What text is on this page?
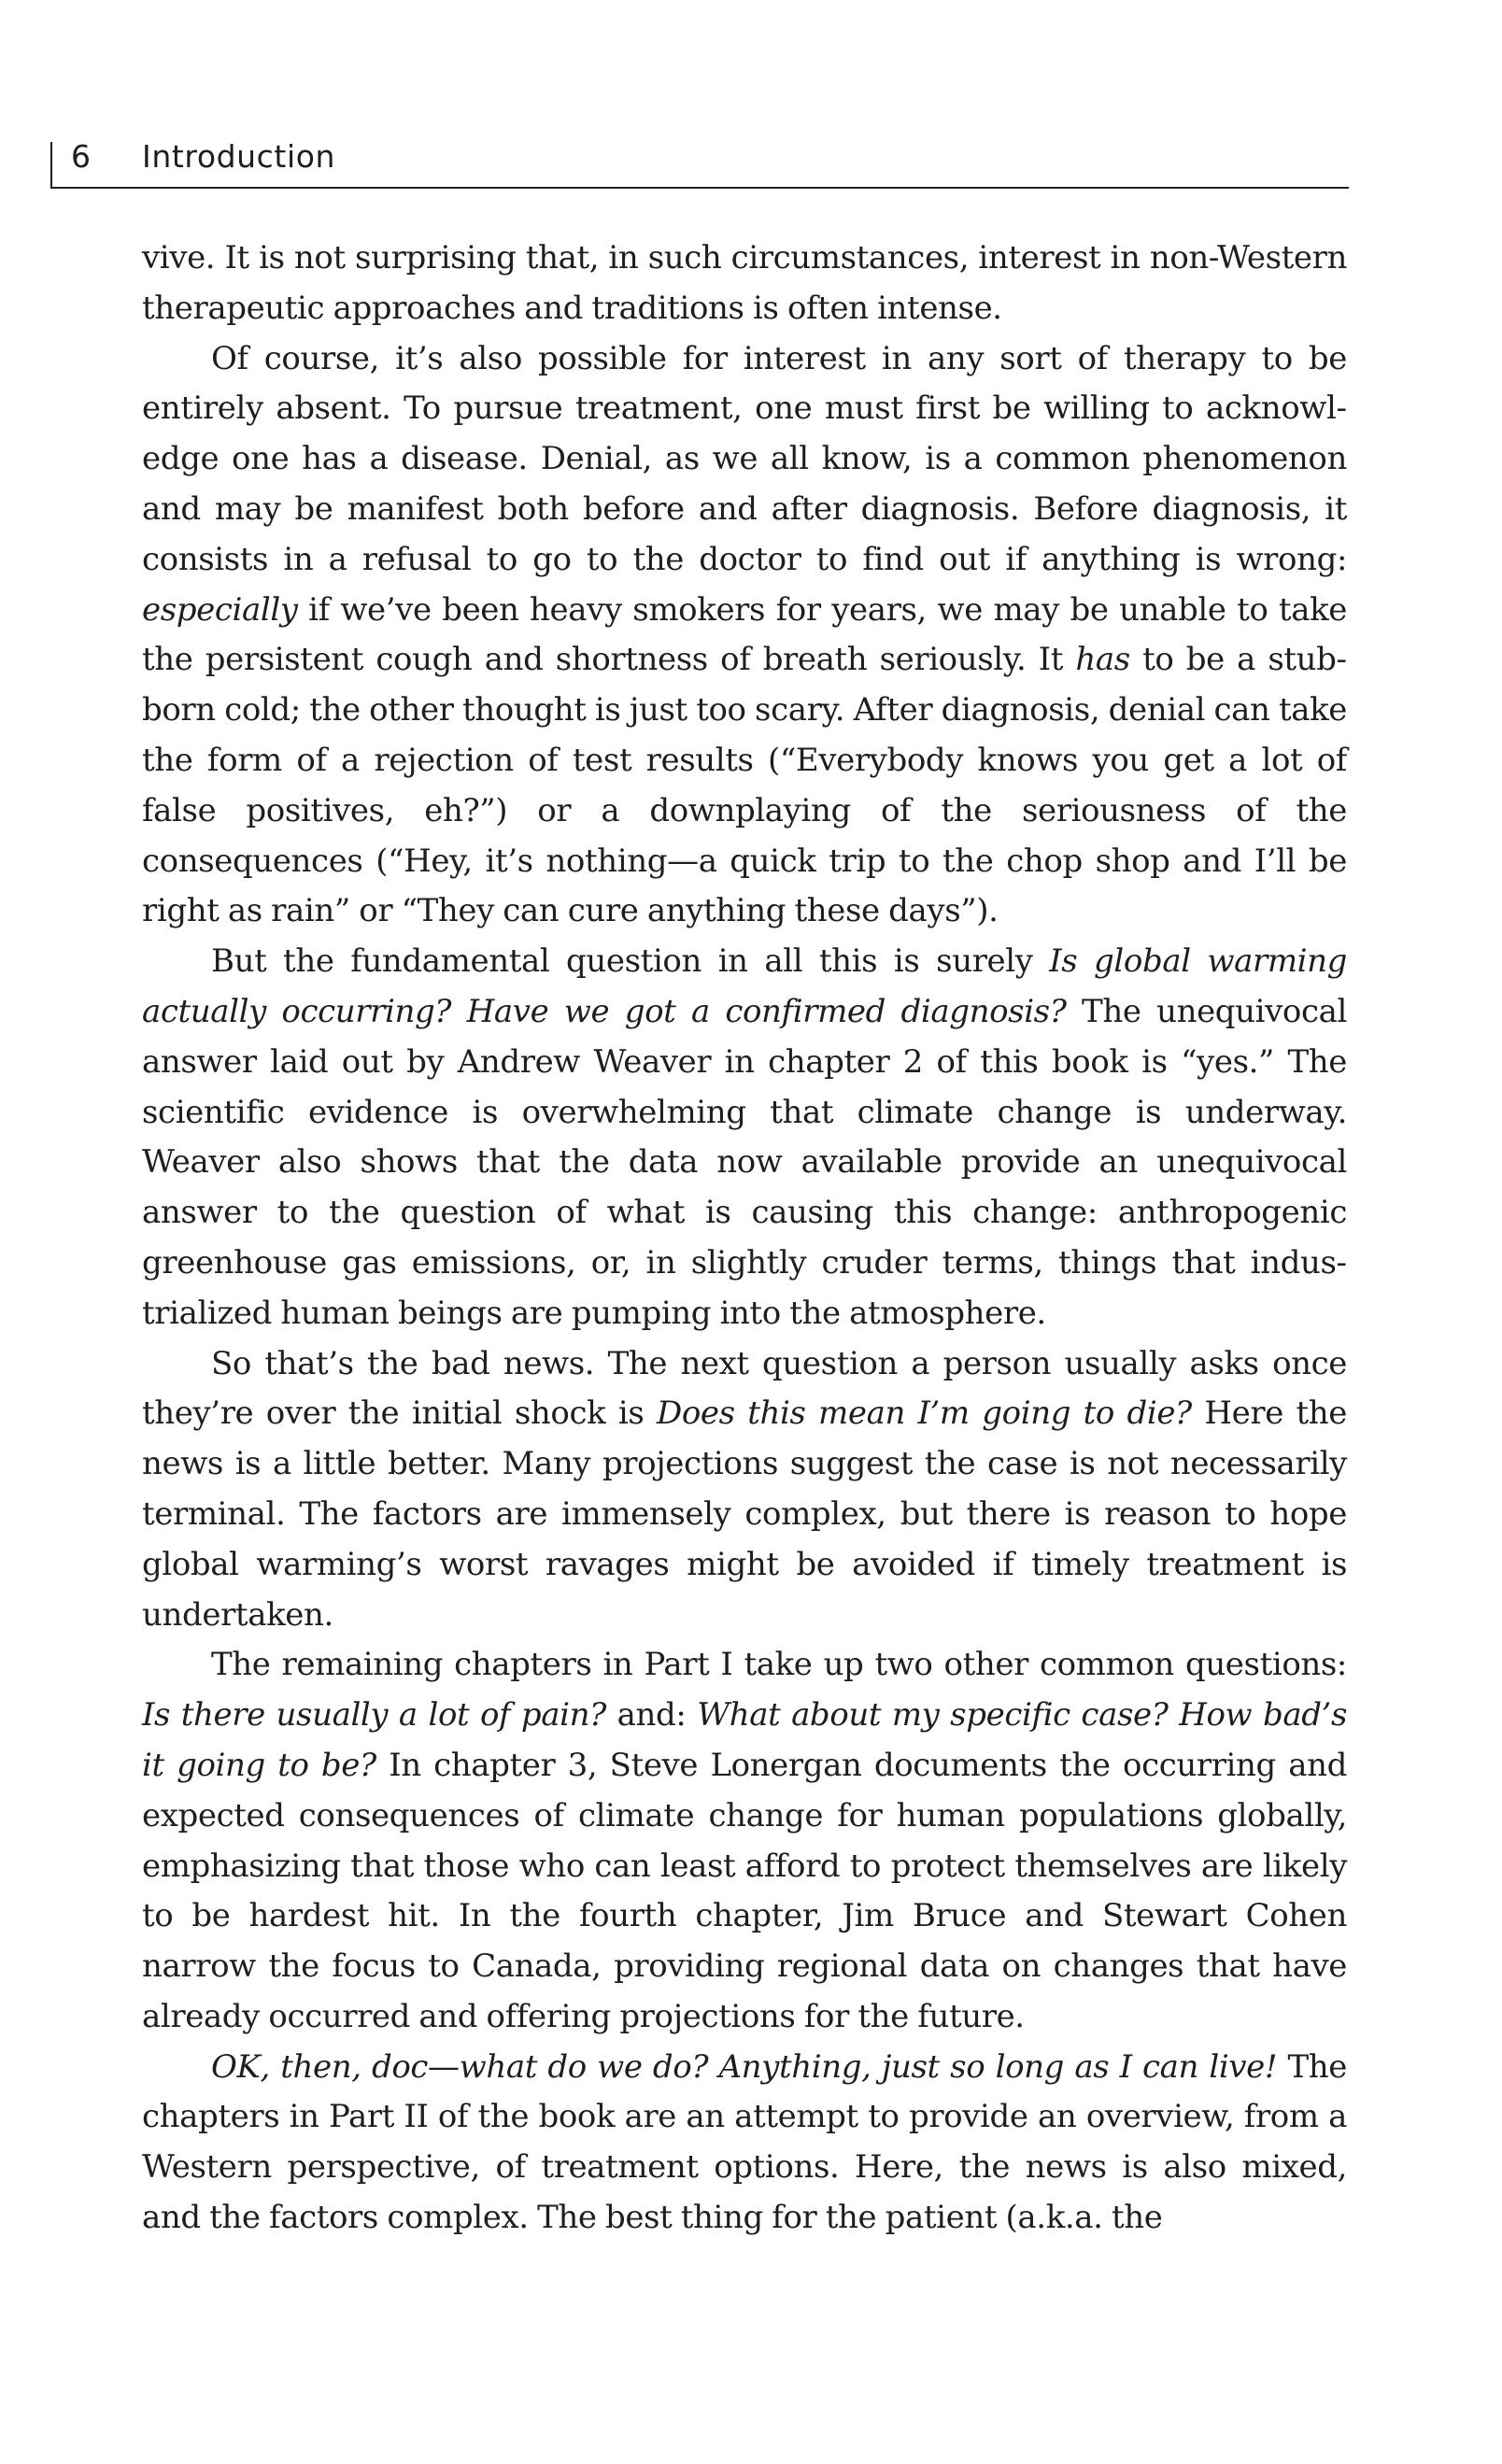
6 Introduction

vive. It is not surprising that, in such circumstances, interest in non-Western therapeutic approaches and traditions is often intense.

Of course, it’s also possible for interest in any sort of therapy to be entirely absent. To pursue treatment, one must first be willing to acknowledge one has a disease. Denial, as we all know, is a common phenomenon and may be manifest both before and after diagnosis. Before diagnosis, it consists in a refusal to go to the doctor to find out if anything is wrong: especially if we’ve been heavy smokers for years, we may be unable to take the persistent cough and shortness of breath seriously. It has to be a stubborn cold; the other thought is just too scary. After diagnosis, denial can take the form of a rejection of test results (“Everybody knows you get a lot of false positives, eh?”) or a downplaying of the seriousness of the consequences (“Hey, it’s nothing—a quick trip to the chop shop and I’ll be right as rain” or “They can cure anything these days”).

But the fundamental question in all this is surely Is global warming actually occurring? Have we got a confirmed diagnosis? The unequivocal answer laid out by Andrew Weaver in chapter 2 of this book is “yes.” The scientific evidence is overwhelming that climate change is underway. Weaver also shows that the data now available provide an unequivocal answer to the question of what is causing this change: anthropogenic greenhouse gas emissions, or, in slightly cruder terms, things that industrialized human beings are pumping into the atmosphere.

So that’s the bad news. The next question a person usually asks once they’re over the initial shock is Does this mean I’m going to die? Here the news is a little better. Many projections suggest the case is not necessarily terminal. The factors are immensely complex, but there is reason to hope global warming’s worst ravages might be avoided if timely treatment is undertaken.

The remaining chapters in Part I take up two other common questions: Is there usually a lot of pain? and: What about my specific case? How bad’s it going to be? In chapter 3, Steve Lonergan documents the occurring and expected consequences of climate change for human populations globally, emphasizing that those who can least afford to protect themselves are likely to be hardest hit. In the fourth chapter, Jim Bruce and Stewart Cohen narrow the focus to Canada, providing regional data on changes that have already occurred and offering projections for the future.

OK, then, doc—what do we do? Anything, just so long as I can live! The chapters in Part II of the book are an attempt to provide an overview, from a Western perspective, of treatment options. Here, the news is also mixed, and the factors complex. The best thing for the patient (a.k.a. the
